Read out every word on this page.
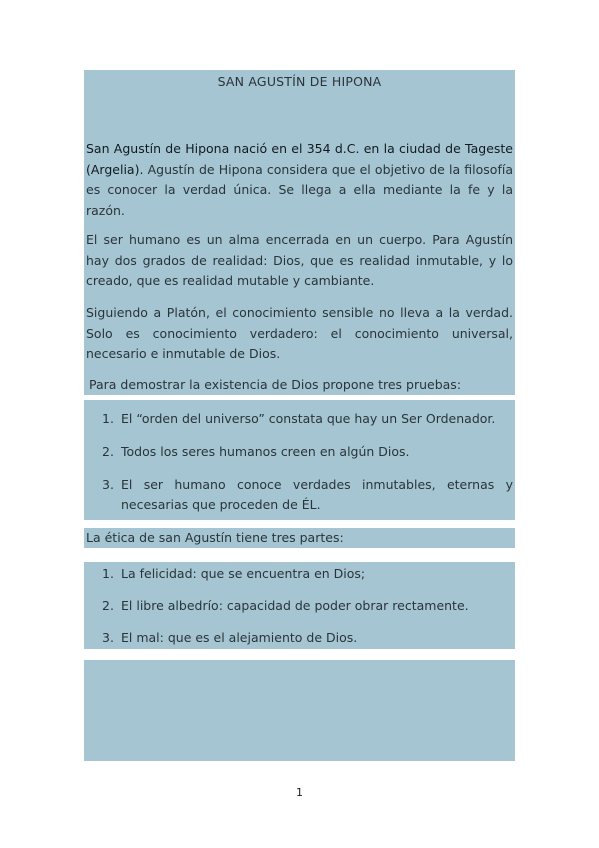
SAN AGUSTÍN DE HIPONA

San Agustín de Hipona nació en el 354 d.C. en la ciudad de Tageste (Argelia). Agustín de Hipona considera que el objetivo de la filosofía es conocer la verdad única. Se llega a ella mediante la fe y la razón.

El ser humano es un alma encerrada en un cuerpo. Para Agustín hay dos grados de realidad: Dios, que es realidad inmutable, y lo creado, que es realidad mutable y cambiante.

Siguiendo a Platón, el conocimiento sensible no lleva a la verdad. Solo es conocimiento verdadero: el conocimiento universal, necesario e inmutable de Dios.

Para demostrar la existencia de Dios propone tres pruebas:

1. El “orden del universo” constata que hay un Ser Ordenador.
2. Todos los seres humanos creen en algún Dios.
3. El ser humano conoce verdades inmutables, eternas y necesarias que proceden de ÉL.
La ética de san Agustín tiene tres partes:
1. La felicidad: que se encuentra en Dios;
2. El libre albedrío: capacidad de poder obrar rectamente.
3. El mal: que es el alejamiento de Dios.
1
